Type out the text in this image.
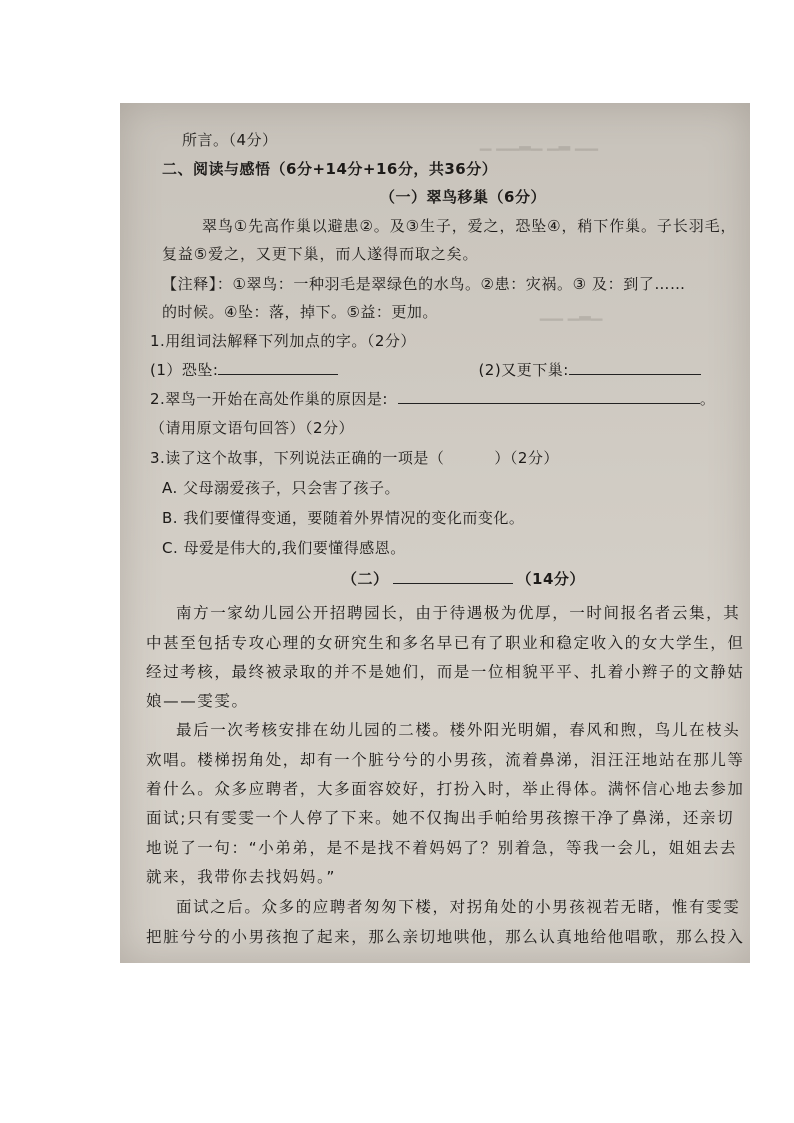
▁▁ ▂▁ ▁▂▁▁ ▁
▁▂▁ ▁▁
所言。（4分）
二、阅读与感悟（6分+14分+16分，共36分）
（一）翠鸟移巢（6分）
翠鸟①先高作巢以避患②。及③生子，爱之，恐坠④，稍下作巢。子长羽毛，
复益⑤爱之，又更下巢，而人遂得而取之矣。
【注释】：①翠鸟：一种羽毛是翠绿色的水鸟。②患：灾祸。③ 及：到了……
的时候。④坠：落，掉下。⑤益：更加。
1.用组词法解释下列加点的字。（2分）
(1）恐坠:	(2)又更下巢:
2.翠鸟一开始在高处作巢的原因是:	。
（请用原文语句回答）（2分）
3.读了这个故事，下列说法正确的一项是（	）（2分）
A. 父母溺爱孩子，只会害了孩子。
B. 我们要懂得变通，要随着外界情况的变化而变化。
C. 母爱是伟大的,我们要懂得感恩。
（二）	（14分）
南方一家幼儿园公开招聘园长，由于待遇极为优厚，一时间报名者云集，其
中甚至包括专攻心理的女研究生和多名早已有了职业和稳定收入的女大学生，但
经过考核，最终被录取的并不是她们，而是一位相貌平平、扎着小辫子的文静姑
娘——雯雯。
最后一次考核安排在幼儿园的二楼。楼外阳光明媚，春风和煦，鸟儿在枝头
欢唱。楼梯拐角处，却有一个脏兮兮的小男孩，流着鼻涕，泪汪汪地站在那儿等
着什么。众多应聘者，大多面容姣好，打扮入时，举止得体。满怀信心地去参加
面试;只有雯雯一个人停了下来。她不仅掏出手帕给男孩擦干净了鼻涕，还亲切
地说了一句：“小弟弟，是不是找不着妈妈了？别着急，等我一会儿，姐姐去去
就来，我带你去找妈妈。”
面试之后。众多的应聘者匆匆下楼，对拐角处的小男孩视若无睹，惟有雯雯
把脏兮兮的小男孩抱了起来，那么亲切地哄他，那么认真地给他唱歌，那么投入
